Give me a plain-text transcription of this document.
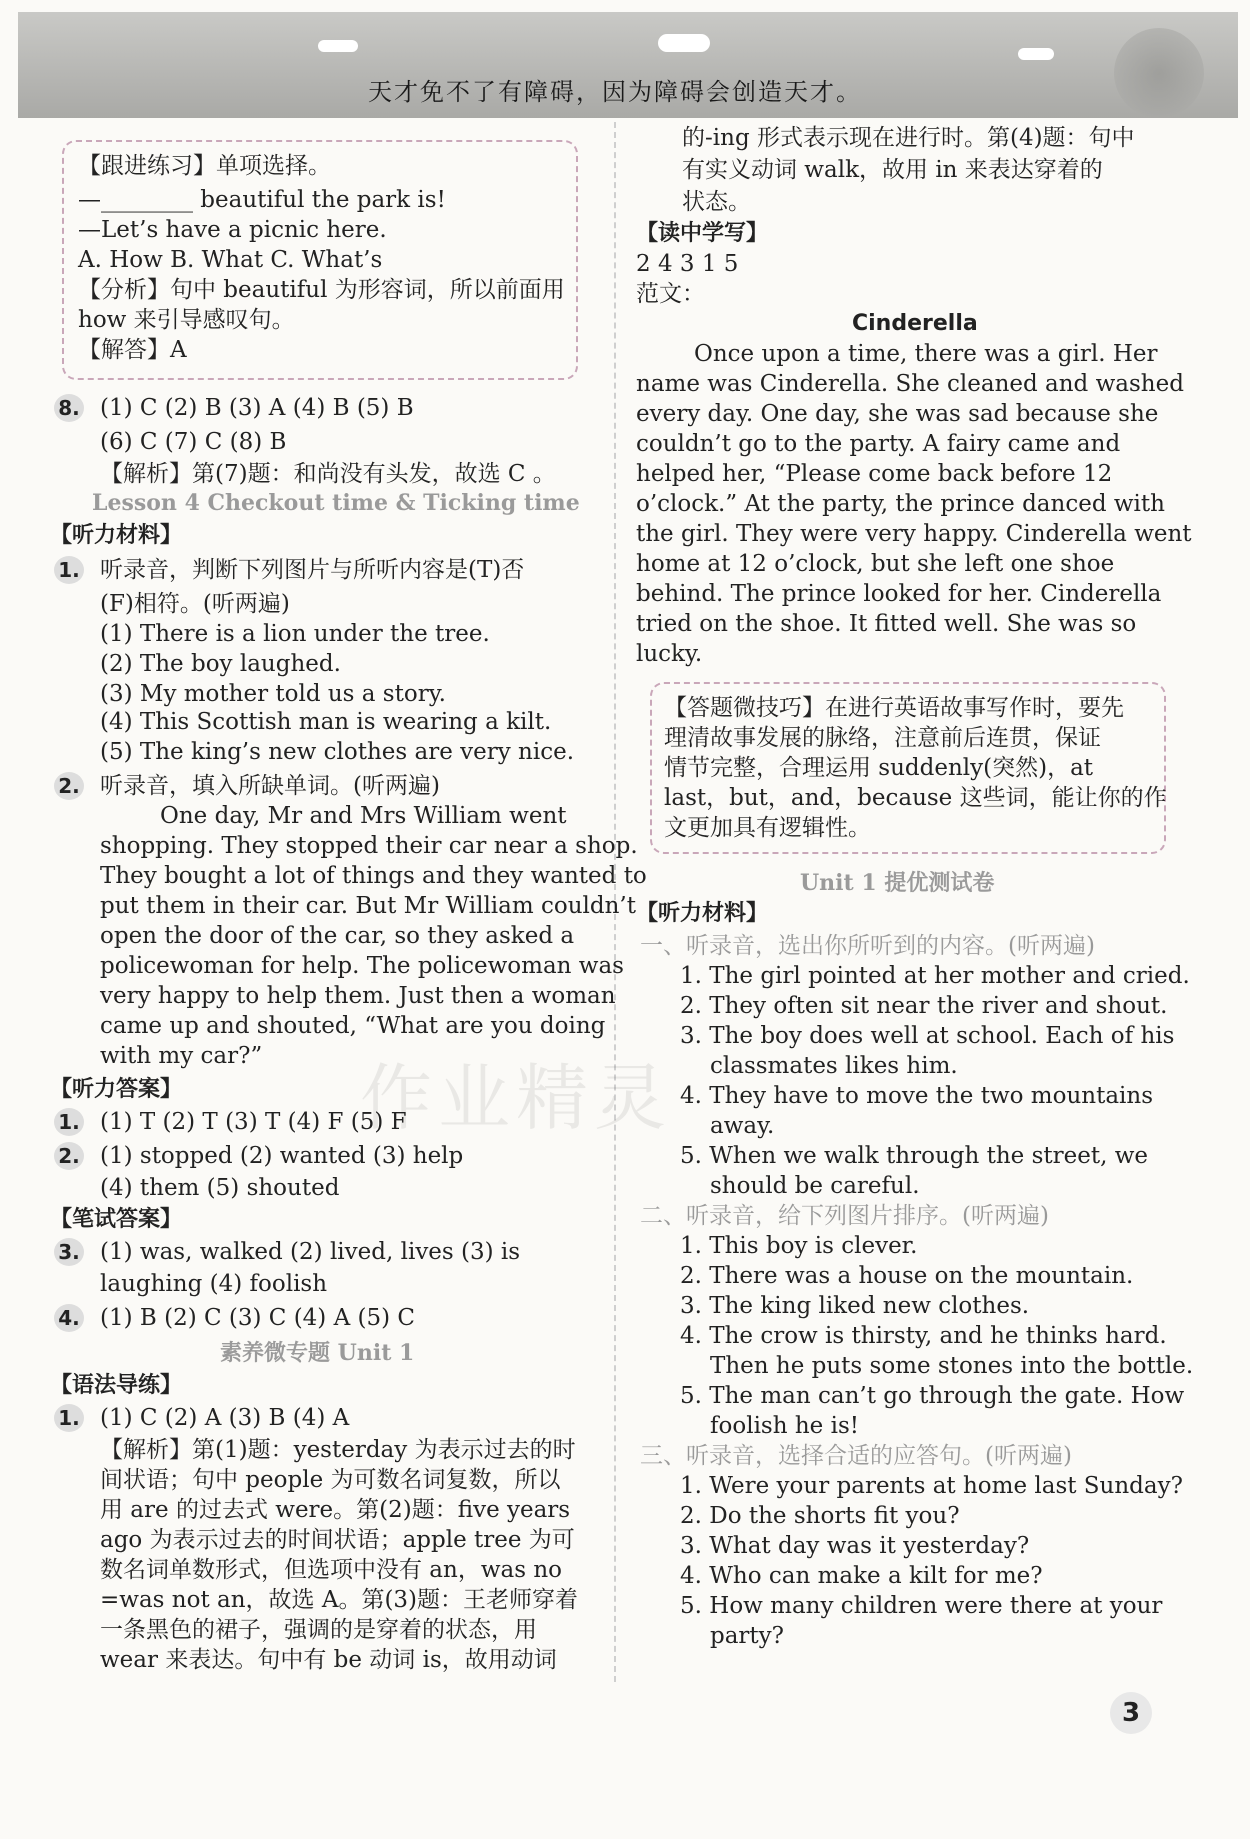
天才免不了有障碍，因为障碍会创造天才。
【跟进练习】单项选择。
—________ beautiful the park is!
—Let’s have a picnic here.
A. How B. What C. What’s
【分析】句中 beautiful 为形容词，所以前面用
how 来引导感叹句。
【解答】A
8. (1) C (2) B (3) A (4) B (5) B
(6) C (7) C (8) B
【解析】第(7)题：和尚没有头发，故选 C 。
【听力材料】
1. 听录音，判断下列图片与所听内容是(T)否
(F)相符。(听两遍)
(1) There is a lion under the tree.
(2) The boy laughed.
(3) My mother told us a story.
(4) This Scottish man is wearing a kilt.
(5) The king’s new clothes are very nice.
2. 听录音，填入所缺单词。(听两遍)
One day, Mr and Mrs William went
shopping. They stopped their car near a shop.
They bought a lot of things and they wanted to
put them in their car. But Mr William couldn’t
open the door of the car, so they asked a
policewoman for help. The policewoman was
very happy to help them. Just then a woman
came up and shouted, “What are you doing
with my car?”
【听力答案】
1. (1) T (2) T (3) T (4) F (5) F
2. (1) stopped (2) wanted (3) help
(4) them (5) shouted
【笔试答案】
3. (1) was, walked (2) lived, lives (3) is
laughing (4) foolish
4. (1) B (2) C (3) C (4) A (5) C
【语法导练】
1. (1) C (2) A (3) B (4) A
【解析】第(1)题：yesterday 为表示过去的时
间状语；句中 people 为可数名词复数，所以
用 are 的过去式 were。第(2)题：five years
ago 为表示过去的时间状语；apple tree 为可
数名词单数形式，但选项中没有 an，was no
=was not an，故选 A。第(3)题：王老师穿着
一条黑色的裙子，强调的是穿着的状态，用
wear 来表达。句中有 be 动词 is，故用动词
的-ing 形式表示现在进行时。第(4)题：句中
有实义动词 walk，故用 in 来表达穿着的
状态。
【读中学写】
2 4 3 1 5
范文：
Cinderella
Once upon a time, there was a girl. Her
name was Cinderella. She cleaned and washed
every day. One day, she was sad because she
couldn’t go to the party. A fairy came and
helped her, “Please come back before 12
o’clock.” At the party, the prince danced with
the girl. They were very happy. Cinderella went
home at 12 o’clock, but she left one shoe
behind. The prince looked for her. Cinderella
tried on the shoe. It fitted well. She was so
lucky.
【答题微技巧】在进行英语故事写作时，要先
理清故事发展的脉络，注意前后连贯，保证
情节完整，合理运用 suddenly(突然)，at
last，but，and，because 这些词，能让你的作
文更加具有逻辑性。
【听力材料】
一、听录音，选出你所听到的内容。(听两遍)
1. The girl pointed at her mother and cried.
2. They often sit near the river and shout.
3. The boy does well at school. Each of his
classmates likes him.
4. They have to move the two mountains
away.
5. When we walk through the street, we
should be careful.
二、听录音，给下列图片排序。(听两遍)
1. This boy is clever.
2. There was a house on the mountain.
3. The king liked new clothes.
4. The crow is thirsty, and he thinks hard.
Then he puts some stones into the bottle.
5. The man can’t go through the gate. How
foolish he is!
三、听录音，选择合适的应答句。(听两遍)
1. Were your parents at home last Sunday?
2. Do the shorts fit you?
3. What day was it yesterday?
4. Who can make a kilt for me?
5. How many children were there at your
party?
Lesson 4 Checkout time & Ticking time
素养微专题 Unit 1
Unit 1 提优测试卷
作业精灵
3
